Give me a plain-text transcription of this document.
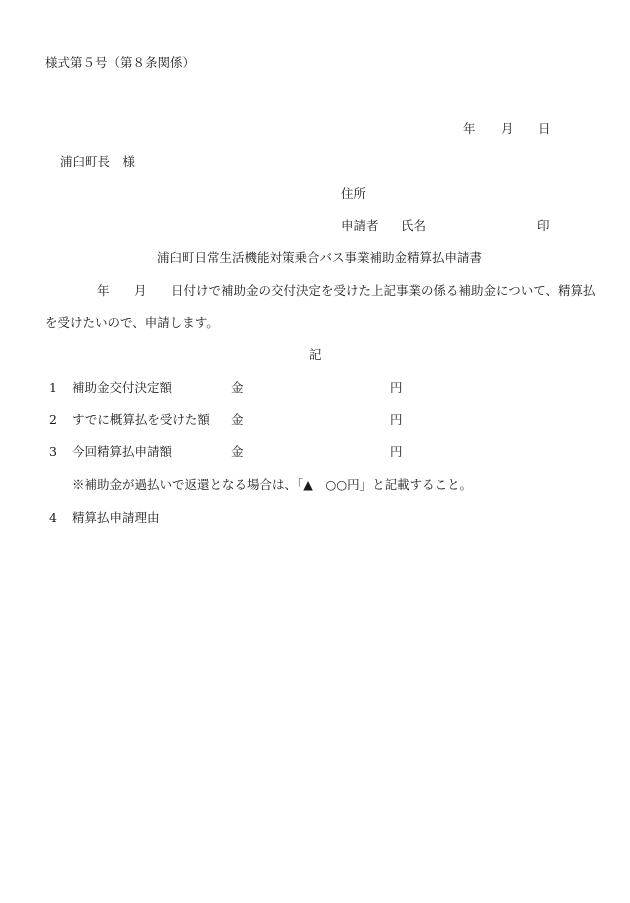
様式第５号（第８条関係）
年 月 日
浦臼町長　様
住所
申請者 氏名	印
浦臼町日常生活機能対策乗合バス事業補助金精算払申請書
年 月 日付けで補助金の交付決定を受けた上記事業の係る補助金について、精算払
を受けたいので、申請します。
記
1 補助金交付決定額	金	円
2 すでに概算払を受けた額 金	円
3 今回精算払申請額	金	円
※補助金が過払いで返還となる場合は、「▲　○○円」と記載すること。
4 精算払申請理由
